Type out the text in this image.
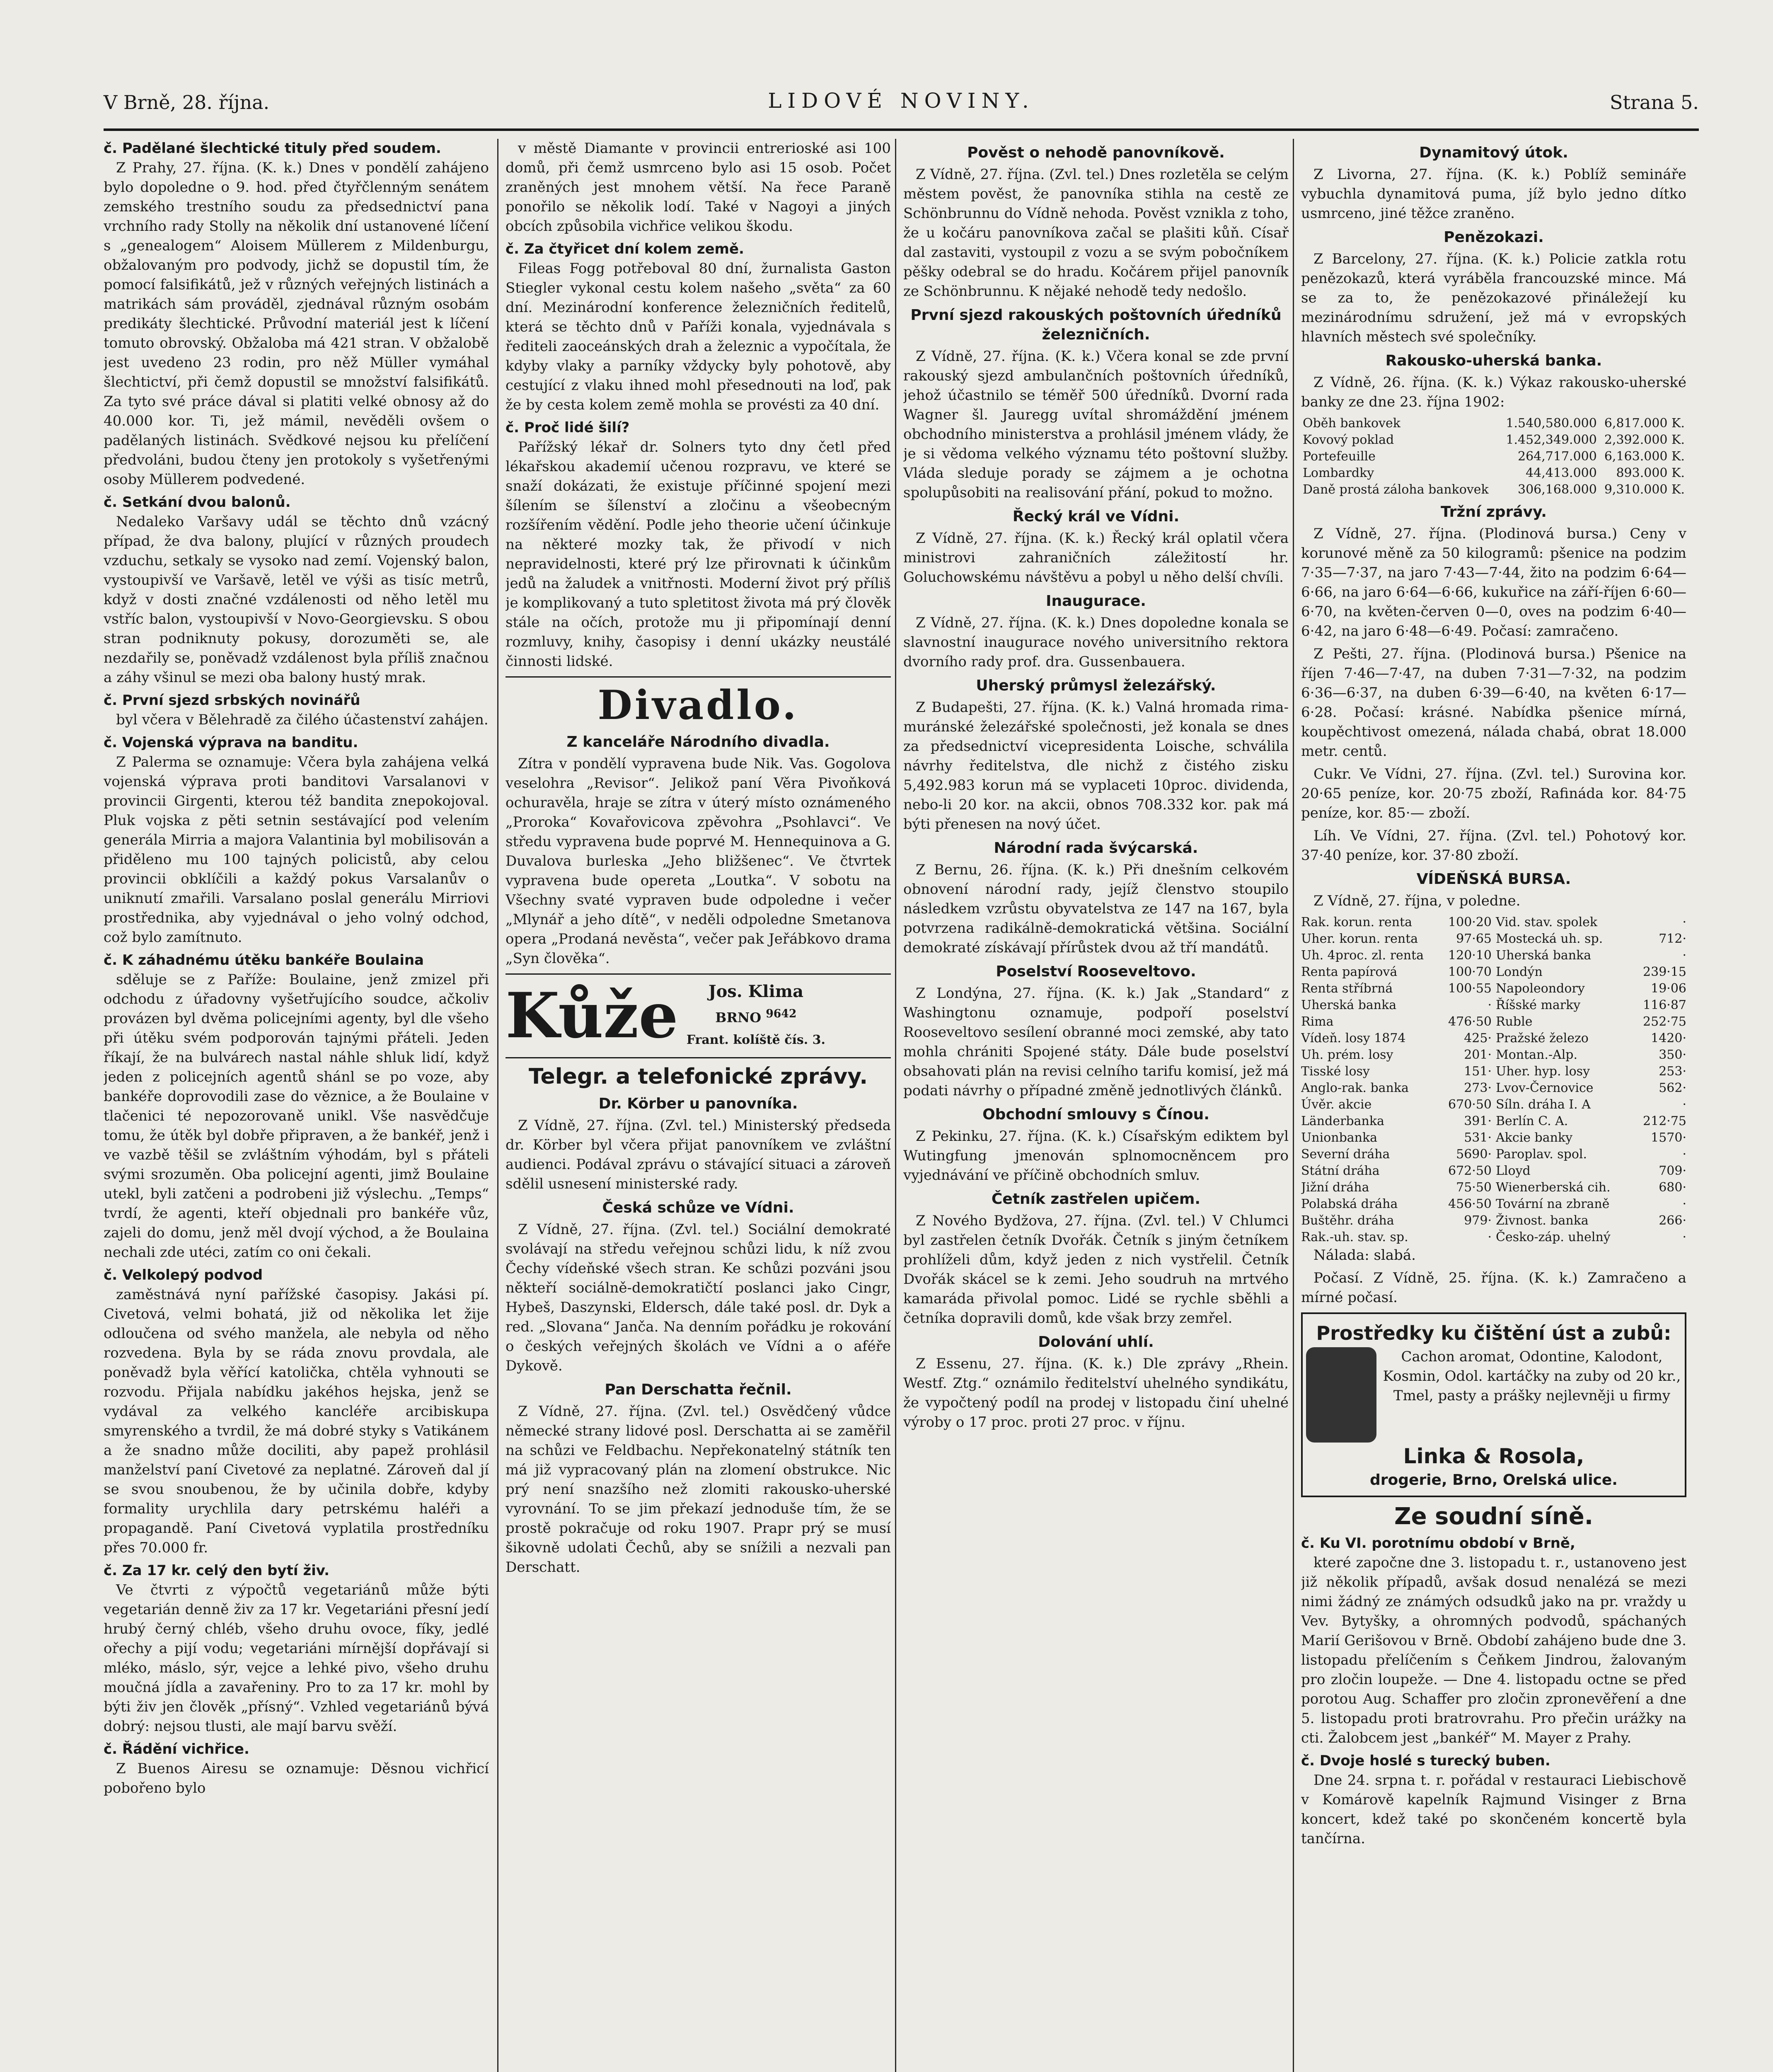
V Brně, 28. října.	LIDOVÉ NOVINY.	Strana 5.
č. Padělané šlechtické tituly před soudem.

Z Prahy, 27. října. (K. k.) Dnes v pondělí zahájeno bylo dopoledne o 9. hod. před čtyřčlenným senátem zemského trestního soudu za předsednictví pana vrchního rady Stolly na několik dní ustanovené líčení s „genealogem“ Aloisem Müllerem z Mildenburgu, obžalovaným pro podvody, jichž se dopustil tím, že pomocí falsifikátů, jež v různých veřejných listinách a matrikách sám prováděl, zjednával různým osobám predikáty šlechtické. Průvodní materiál jest k líčení tomuto obrovský. Obžaloba má 421 stran. V obžalobě jest uvedeno 23 rodin, pro něž Müller vymáhal šlechtictví, při čemž dopustil se množství falsifikátů. Za tyto své práce dával si platiti velké obnosy až do 40.000 kor. Ti, jež mámil, nevěděli ovšem o padělaných listinách. Svědkové nejsou ku přelíčení předvoláni, budou čteny jen protokoly s vyšetřenými osoby Müllerem podvedené.

č. Setkání dvou balonů.

Nedaleko Varšavy udál se těchto dnů vzácný případ, že dva balony, plující v různých proudech vzduchu, setkaly se vysoko nad zemí. Vojenský balon, vystoupivší ve Varšavě, letěl ve výši as tisíc metrů, když v dosti značné vzdálenosti od něho letěl mu vstříc balon, vystoupivší v Novo-Georgievsku. S obou stran podniknuty pokusy, dorozuměti se, ale nezdařily se, poněvadž vzdálenost byla příliš značnou a záhy všinul se mezi oba balony hustý mrak.

č. První sjezd srbských novinářů

byl včera v Bělehradě za čilého účastenství zahájen.

č. Vojenská výprava na banditu.

Z Palerma se oznamuje: Včera byla zahájena velká vojenská výprava proti banditovi Varsalanovi v provincii Girgenti, kterou též bandita znepokojoval. Pluk vojska z pěti setnin sestávající pod velením generála Mirria a majora Valantinia byl mobilisován a přiděleno mu 100 tajných policistů, aby celou provincii obklíčili a každý pokus Varsalanův o uniknutí zmařili. Varsalano poslal generálu Mirriovi prostřednika, aby vyjednával o jeho volný odchod, což bylo zamítnuto.

č. K záhadnému útěku bankéře Boulaina

sděluje se z Paříže: Boulaine, jenž zmizel při odchodu z úřadovny vyšetřujícího soudce, ačkoliv provázen byl dvěma policejními agenty, byl dle všeho při útěku svém podporován tajnými přáteli. Jeden říkají, že na bulvárech nastal náhle shluk lidí, když jeden z policejních agentů shánl se po voze, aby bankéře doprovodili zase do věznice, a že Boulaine v tlačenici té nepozorovaně unikl. Vše nasvědčuje tomu, že útěk byl dobře připraven, a že bankéř, jenž i ve vazbě těšil se zvláštním výhodám, byl s přáteli svými srozuměn. Oba policejní agenti, jimž Boulaine utekl, byli zatčeni a podrobeni již výslechu. „Temps“ tvrdí, že agenti, kteří objednali pro bankéře vůz, zajeli do domu, jenž měl dvojí východ, a že Boulaina nechali zde utéci, zatím co oni čekali.

č. Velkolepý podvod

zaměstnává nyní pařížské časopisy. Jakási pí. Civetová, velmi bohatá, již od několika let žije odloučena od svého manžela, ale nebyla od něho rozvedena. Byla by se ráda znovu provdala, ale poněvadž byla věřící katolička, chtěla vyhnouti se rozvodu. Přijala nabídku jakéhos hejska, jenž se vydával za velkého kancléře arcibiskupa smyrenského a tvrdil, že má dobré styky s Vatikánem a že snadno může dociliti, aby papež prohlásil manželství paní Civetové za neplatné. Zároveň dal jí se svou snoubenou, že by učinila dobře, kdyby formality urychlila dary petrskému haléři a propagandě. Paní Civetová vyplatila prostředníku přes 70.000 fr.

č. Za 17 kr. celý den bytí živ.

Ve čtvrti z výpočtů vegetariánů může býti vegetarián denně živ za 17 kr. Vegetariáni přesní jedí hrubý černý chléb, všeho druhu ovoce, fíky, jedlé ořechy a pijí vodu; vegetariáni mírnější dopřávají si mléko, máslo, sýr, vejce a lehké pivo, všeho druhu moučná jídla a zavařeniny. Pro to za 17 kr. mohl by býti živ jen člověk „přísný“. Vzhled vegetariánů bývá dobrý: nejsou tlusti, ale mají barvu svěží.

č. Řádění vichřice.

Z Buenos Airesu se oznamuje: Děsnou vichřicí pobořeno bylo

v městě Diamante v provincii entrerioské asi 100 domů, při čemž usmrceno bylo asi 15 osob. Počet zraněných jest mnohem větší. Na řece Paraně ponořilo se několik lodí. Také v Nagoyi a jiných obcích způsobila vichřice velikou škodu.

č. Za čtyřicet dní kolem země.

Fileas Fogg potřeboval 80 dní, žurnalista Gaston Stiegler vykonal cestu kolem našeho „světa“ za 60 dní. Mezinárodní konference železničních ředitelů, která se těchto dnů v Paříži konala, vyjednávala s řediteli zaoceánských drah a železnic a vypočítala, že kdyby vlaky a parníky vždycky byly pohotově, aby cestující z vlaku ihned mohl přesednouti na loď, pak že by cesta kolem země mohla se provésti za 40 dní.

č. Proč lidé šilí?

Pařížský lékař dr. Solners tyto dny četl před lékařskou akademií učenou rozpravu, ve které se snaží dokázati, že existuje příčinné spojení mezi šílením se šílenství a zločinu a všeobecným rozšířením vědění. Podle jeho theorie učení účinkuje na některé mozky tak, že přivodí v nich nepravidelnosti, které prý lze přirovnati k účinkům jedů na žaludek a vnitřnosti. Moderní život prý příliš je komplikovaný a tuto spletitost života má prý člověk stále na očích, protože mu ji připomínají denní rozmluvy, knihy, časopisy i denní ukázky neustálé činnosti lidské.

Divadlo.
Z kanceláře Národního divadla.

Zítra v pondělí vypravena bude Nik. Vas. Gogolova veselohra „Revisor“. Jelikož paní Věra Pivoňková ochuravěla, hraje se zítra v úterý místo oznámeného „Proroka“ Kovařovicova zpěvohra „Psohlavci“. Ve středu vypravena bude poprvé M. Hennequinova a G. Duvalova burleska „Jeho bližšenec“. Ve čtvrtek vypravena bude opereta „Loutka“. V sobotu na Všechny svaté vypraven bude odpoledne i večer „Mlynář a jeho dítě“, v neděli odpoledne Smetanova opera „Prodaná nevěsta“, večer pak Jeřábkovo drama „Syn člověka“.

Kůže	Jos. Klima
BRNO $^{9642}$
Frant. kolíště čís. 3.
Telegr. a telefonické zprávy.
Dr. Körber u panovníka.

Z Vídně, 27. října. (Zvl. tel.) Ministerský předseda dr. Körber byl včera přijat panovníkem ve zvláštní audienci. Podával zprávu o stávající situaci a zároveň sdělil usnesení ministerské rady.

Česká schůze ve Vídni.

Z Vídně, 27. října. (Zvl. tel.) Sociální demokraté svolávají na středu veřejnou schůzi lidu, k níž zvou Čechy vídeňské všech stran. Ke schůzi pozváni jsou někteří sociálně-demokratičtí poslanci jako Cingr, Hybeš, Daszynski, Eldersch, dále také posl. dr. Dyk a red. „Slovana“ Janča. Na denním pořádku je rokování o českých veřejných školách ve Vídni a o aféře Dykově.

Pan Derschatta řečnil.

Z Vídně, 27. října. (Zvl. tel.) Osvědčený vůdce německé strany lidové posl. Derschatta ai se zaměřil na schůzi ve Feldbachu. Nepřekonatelný státník ten má již vypracovaný plán na zlomení obstrukce. Nic prý není snazšího než zlomiti rakousko-uherské vyrovnání. To se jim překazí jednoduše tím, že se prostě pokračuje od roku 1907. Prapr prý se musí šikovně udolati Čechů, aby se snížili a nezvali pan Derschatt.

Pověst o nehodě panovníkově.

Z Vídně, 27. října. (Zvl. tel.) Dnes rozletěla se celým městem pověst, že panovníka stihla na cestě ze Schönbrunnu do Vídně nehoda. Pověst vznikla z toho, že u kočáru panovníkova začal se plašiti kůň. Císař dal zastaviti, vystoupil z vozu a se svým pobočníkem pěšky odebral se do hradu. Kočárem přijel panovník ze Schönbrunnu. K nějaké nehodě tedy nedošlo.

První sjezd rakouských poštovních úředníků železničních.

Z Vídně, 27. října. (K. k.) Včera konal se zde první rakouský sjezd ambulančních poštovních úředníků, jehož účastnilo se téměř 500 úředníků. Dvorní rada Wagner šl. Jauregg uvítal shromáždění jménem obchodního ministerstva a prohlásil jménem vlády, že je si vědoma velkého významu této poštovní služby. Vláda sleduje porady se zájmem a je ochotna spolupůsobiti na realisování přání, pokud to možno.

Řecký král ve Vídni.

Z Vídně, 27. října. (K. k.) Řecký král oplatil včera ministrovi zahraničních záležitostí hr. Goluchowskému návštěvu a pobyl u něho delší chvíli.

Inaugurace.

Z Vídně, 27. října. (K. k.) Dnes dopoledne konala se slavnostní inaugurace nového universitního rektora dvorního rady prof. dra. Gussenbauera.

Uherský průmysl železářský.

Z Budapešti, 27. října. (K. k.) Valná hromada rima-muránské železářské společnosti, jež konala se dnes za předsednictví vicepresidenta Loische, schválila návrhy ředitelstva, dle nichž z čistého zisku 5,492.983 korun má se vyplaceti 10proc. dividenda, nebo-li 20 kor. na akcii, obnos 708.332 kor. pak má býti přenesen na nový účet.

Národní rada švýcarská.

Z Bernu, 26. října. (K. k.) Při dnešním celkovém obnovení národní rady, jejíž členstvo stoupilo následkem vzrůstu obyvatelstva ze 147 na 167, byla potvrzena radikálně-demokratická většina. Sociální demokraté získávají přírůstek dvou až tří mandátů.

Poselství Rooseveltovo.

Z Londýna, 27. října. (K. k.) Jak „Standard“ z Washingtonu oznamuje, podpoří poselství Rooseveltovo sesílení obranné moci zemské, aby tato mohla chrániti Spojené státy. Dále bude poselství obsahovati plán na revisi celního tarifu komisí, jež má podati návrhy o případné změně jednotlivých článků.

Obchodní smlouvy s Čínou.

Z Pekinku, 27. října. (K. k.) Císařským ediktem byl Wutingfung jmenován splnomocněncem pro vyjednávání ve příčině obchodních smluv.

Četník zastřelen upičem.

Z Nového Bydžova, 27. října. (Zvl. tel.) V Chlumci byl zastřelen četník Dvořák. Četník s jiným četníkem prohlíželi dům, když jeden z nich vystřelil. Četník Dvořák skácel se k zemi. Jeho soudruh na mrtvého kamaráda přivolal pomoc. Lidé se rychle sběhli a četníka dopravili domů, kde však brzy zemřel.

Dolování uhlí.

Z Essenu, 27. října. (K. k.) Dle zprávy „Rhein. Westf. Ztg.“ oznámilo ředitelství uhelného syndikátu, že vypočtený podíl na prodej v listopadu činí uhelné výroby o 17 proc. proti 27 proc. v říjnu.

Dynamitový útok.

Z Livorna, 27. října. (K. k.) Poblíž semináře vybuchla dynamitová puma, jíž bylo jedno dítko usmrceno, jiné těžce zraněno.

Penězokazi.

Z Barcelony, 27. října. (K. k.) Policie zatkla rotu penězokazů, která vyráběla francouzské mince. Má se za to, že penězokazové přináležejí ku mezinárodnímu sdružení, jež má v evropských hlavních městech své společníky.

Rakousko-uherská banka.

Z Vídně, 26. října. (K. k.) Výkaz rakousko-uherské banky ze dne 23. října 1902:

Oběh bankovek	1.540,580.000	6,817.000 K.
Kovový poklad	1.452,349.000	2,392.000 K.
Portefeuille	264,717.000	6,163.000 K.
Lombardky	44,413.000	893.000 K.
Daně prostá záloha bankovek	306,168.000	9,310.000 K.
Tržní zprávy.

Z Vídně, 27. října. (Plodinová bursa.) Ceny v korunové měně za 50 kilogramů: pšenice na podzim 7·35—7·37, na jaro 7·43—7·44, žito na podzim 6·64—6·66, na jaro 6·64—6·66, kukuřice na září-říjen 6·60—6·70, na květen-červen 0—0, oves na podzim 6·40—6·42, na jaro 6·48—6·49. Počasí: zamračeno.

Z Pešti, 27. října. (Plodinová bursa.) Pšenice na říjen 7·46—7·47, na duben 7·31—7·32, na podzim 6·36—6·37, na duben 6·39—6·40, na květen 6·17—6·28. Počasí: krásné. Nabídka pšenice mírná, koupěchtivost omezená, nálada chabá, obrat 18.000 metr. centů.

Cukr. Ve Vídni, 27. října. (Zvl. tel.) Surovina kor. 20·65 peníze, kor. 20·75 zboží, Rafináda kor. 84·75 peníze, kor. 85·— zboží.

Líh. Ve Vídni, 27. října. (Zvl. tel.) Pohotový kor. 37·40 peníze, kor. 37·80 zboží.

VÍDEŇSKÁ BURSA.

Z Vídně, 27. října, v poledne.

Rak. korun. renta	100·20 Vid. stav. spolek	·
Uher. korun. renta	97·65 Mostecká uh. sp.	712·
Uh. 4proc. zl. renta 120·10 Uherská banka	·
Renta papírová	100·70 Londýn	239·15
Renta stříbrná	100·55 Napoleondory	19·06
Uherská banka	· Říšské marky	116·87
Rima	476·50 Ruble	252·75
Vídeň. losy 1874	425· Pražské železo	1420·
Uh. prém. losy	201· Montan.-Alp.	350·
Tisské losy	151· Uher. hyp. losy	253·
Anglo-rak. banka	273· Lvov-Černovice	562·
Úvěr. akcie	670·50 Síln. dráha I. A	·
Länderbanka	391· Berlín C. A.	212·75
Unionbanka	531· Akcie banky	1570·
Severní dráha	5690· Paroplav. spol.	·
Státní dráha	672·50 Lloyd	709·
Jižní dráha	75·50 Wienerberská cih.	680·
Polabská dráha	456·50 Tovární na zbraně	·
Buštěhr. dráha	979· Živnost. banka	266·
Rak.-uh. stav. sp.	· Česko-záp. uhelný	·

Nálada: slabá.

Počasí. Z Vídně, 25. října. (K. k.) Zamračeno a mírné počasí.

Prostředky ku čištění úst a zubů:
Cachon aromat, Odontine, Kalodont, Kosmin, Odol. kartáčky na zuby od 20 kr., Tmel, pasty a prášky nejlevněji u firmy
Linka & Rosola,
drogerie, Brno, Orelská ulice.
Ze soudní síně.
č. Ku VI. porotnímu období v Brně,

které započne dne 3. listopadu t. r., ustanoveno jest již několik případů, avšak dosud nenalézá se mezi nimi žádný ze známých odsudků jako na pr. vraždy u Vev. Bytyšky, a ohromných podvodů, spáchaných Marií Gerišovou v Brně. Období zahájeno bude dne 3. listopadu přelíčením s Čeňkem Jindrou, žalovaným pro zločin loupeže. — Dne 4. listopadu octne se před porotou Aug. Schaffer pro zločin zpronevěření a dne 5. listopadu proti bratrovrahu. Pro přečin urážky na cti. Žalobcem jest „bankéř“ M. Mayer z Prahy.

č. Dvoje hoslé s turecký buben.

Dne 24. srpna t. r. pořádal v restauraci Liebischově v Komárově kapelník Rajmund Visinger z Brna koncert, kdež také po skončeném koncertě byla tančírna.
